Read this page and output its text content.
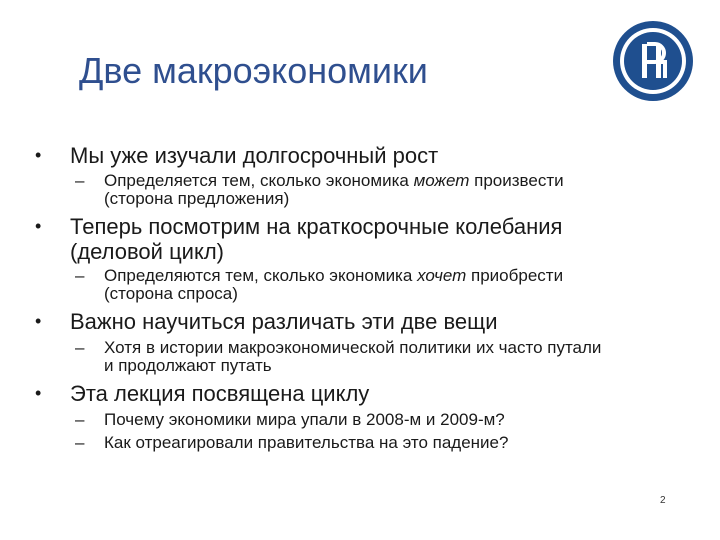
Две макроэкономики
• Мы уже изучали долгосрочный рост
– Определяется тем, сколько экономика может произвести
(сторона предложения)
• Теперь посмотрим на краткосрочные колебания
(деловой цикл)
– Определяются тем, сколько экономика хочет приобрести
(сторона спроса)
• Важно научиться различать эти две вещи
– Хотя в истории макроэкономической политики их часто путали
и продолжают путать
• Эта лекция посвящена циклу
– Почему экономики мира упали в 2008-м и 2009-м?
– Как отреагировали правительства на это падение?
2
